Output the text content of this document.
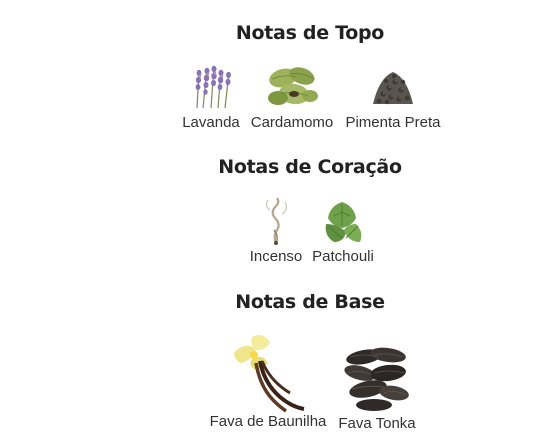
Notas de Topo
Lavanda Cardamomo Pimenta Preta
Notas de Coração
Incenso Patchouli
Notas de Base
Fava de Baunilha Fava Tonka
